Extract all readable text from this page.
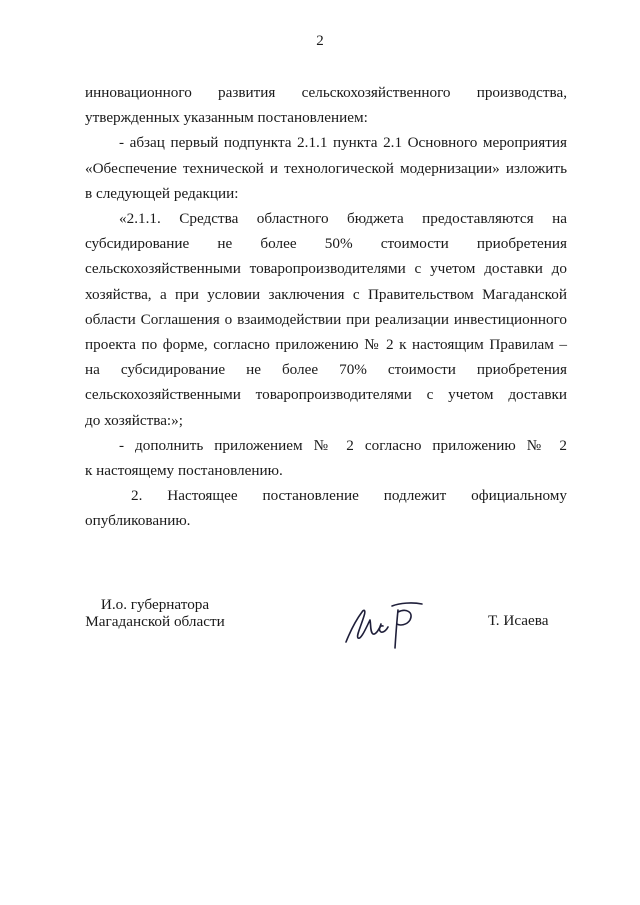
2

инновационного развития сельскохозяйственного производства,
утвержденных указанным постановлением:

- абзац первый подпункта 2.1.1 пункта 2.1 Основного мероприятия
«Обеспечение технической и технологической модернизации» изложить
в следующей редакции:

«2.1.1. Средства областного бюджета предоставляются на
субсидирование не более 50% стоимости приобретения
сельскохозяйственными товаропроизводителями с учетом доставки до
хозяйства, а при условии заключения с Правительством Магаданской
области Соглашения о взаимодействии при реализации инвестиционного
проекта по форме, согласно приложению № 2 к настоящим Правилам –
на субсидирование не более 70% стоимости приобретения
сельскохозяйственными товаропроизводителями с учетом доставки
до хозяйства:»;

- дополнить приложением № 2 согласно приложению № 2
к настоящему постановлению.

2. Настоящее постановление подлежит официальному
опубликованию.

И.о. губернатора
Магаданской области	Т. Исаева
